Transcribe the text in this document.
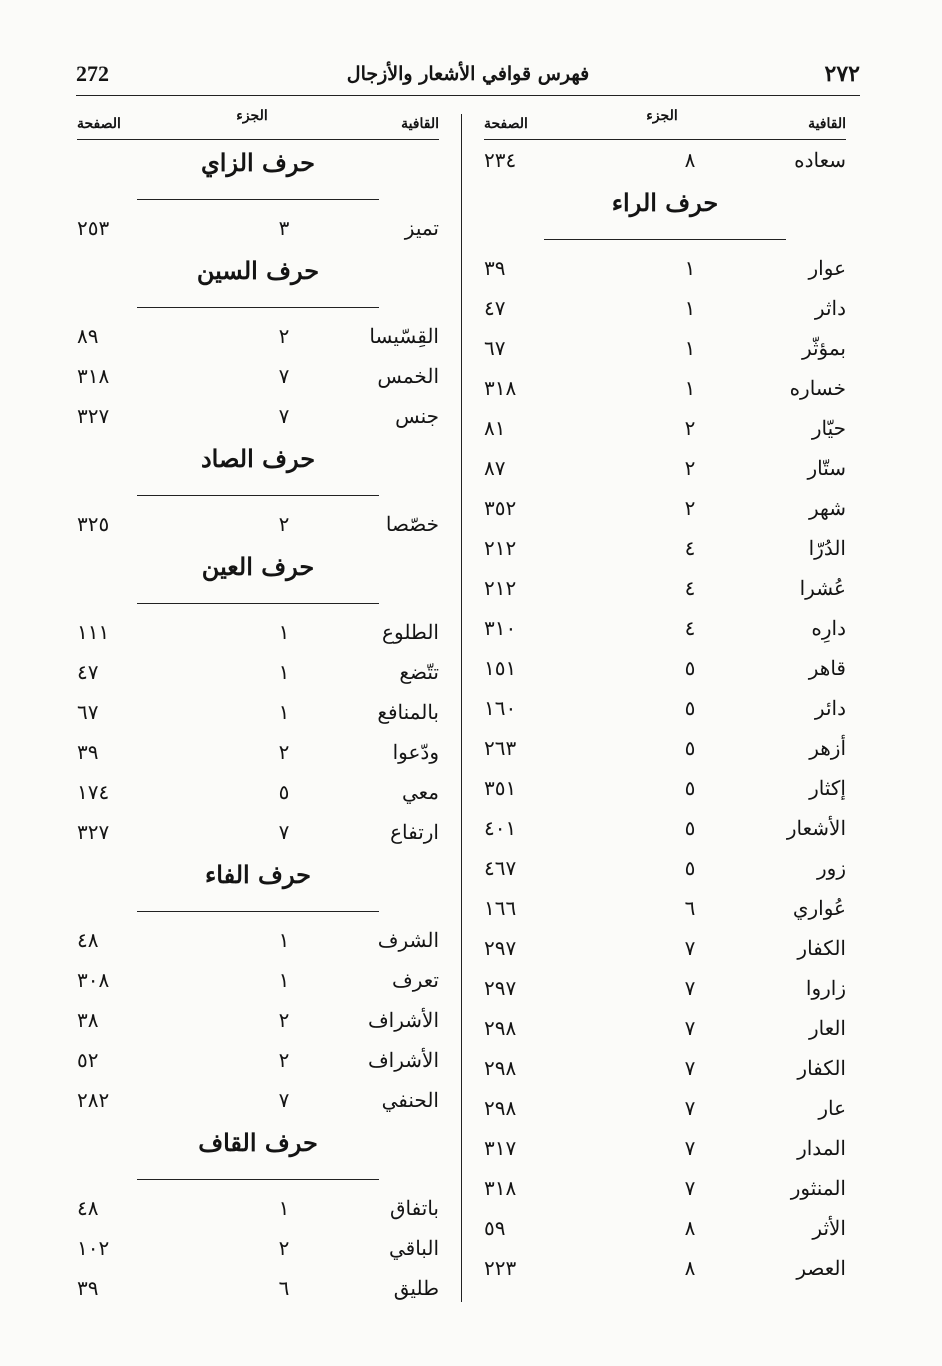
272	فهرس قوافي الأشعار والأزجال	٢٧٢
القافية
الجزء
الصفحة
سعاده
٨
٢٣٤
حرف الراء
عوار
١
٣٩
داثر
١
٤٧
بمؤثّر
١
٦٧
خساره
١
٣١٨
حيّار
٢
٨١
ستّار
٢
٨٧
شهر
٢
٣٥٢
الدُرّا
٤
٢١٢
عُشرا
٤
٢١٢
دارِه
٤
٣١٠
قاهر
٥
١٥١
دائر
٥
١٦٠
أزهر
٥
٢٦٣
إكثار
٥
٣٥١
الأشعار
٥
٤٠١
زور
٥
٤٦٧
عُواري
٦
١٦٦
الكفار
٧
٢٩٧
زاروا
٧
٢٩٧
العار
٧
٢٩٨
الكفار
٧
٢٩٨
عار
٧
٢٩٨
المدار
٧
٣١٧
المنثور
٧
٣١٨
الأثر
٨
٥٩
العصر
٨
٢٢٣
القافية
الجزء
الصفحة
حرف الزاي
تميز
٣
٢٥٣
حرف السين
القِسّيسا
٢
٨٩
الخمس
٧
٣١٨
جنس
٧
٣٢٧
حرف الصاد
خصّصا
٢
٣٢٥
حرف العين
الطلوع
١
١١١
تتّضع
١
٤٧
بالمنافع
١
٦٧
ودّعوا
٢
٣٩
معي
٥
١٧٤
ارتفاع
٧
٣٢٧
حرف الفاء
الشرف
١
٤٨
تعرف
١
٣٠٨
الأشراف
٢
٣٨
الأشراف
٢
٥٢
الحنفي
٧
٢٨٢
حرف القاف
باتفاق
١
٤٨
الباقي
٢
١٠٢
طليق
٦
٣٩
